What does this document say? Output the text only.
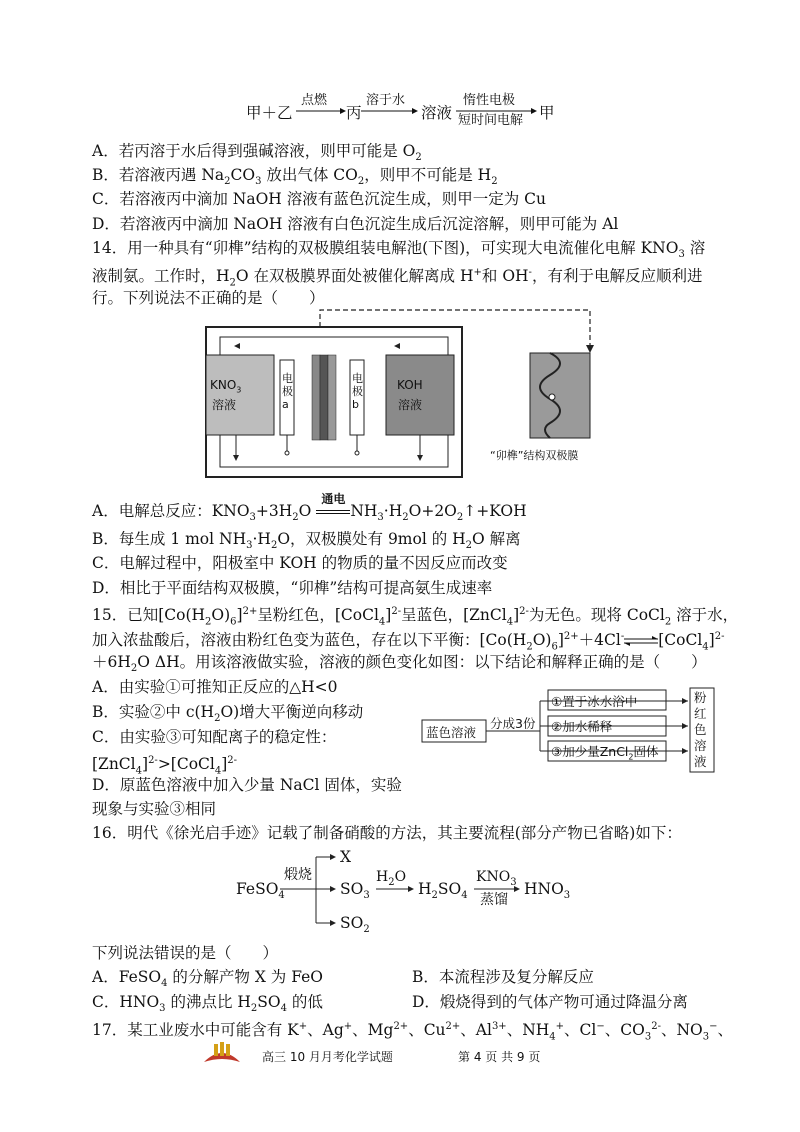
甲＋乙
点燃
丙
溶于水
溶液
惰性电极
短时间电解 甲
A．若丙溶于水后得到强碱溶液，则甲可能是 $O_2$
B．若溶液丙遇 $Na_2CO_3$ 放出气体 $CO_2$，则甲不可能是 $H_2$
C．若溶液丙中滴加 NaOH 溶液有蓝色沉淀生成，则甲一定为 Cu
D．若溶液丙中滴加 NaOH 溶液有白色沉淀生成后沉淀溶解，则甲可能为 Al
14．用一种具有“卯榫”结构的双极膜组装电解池(下图)，可实现大电流催化电解 $KNO_3$ 溶
液制氨。工作时，$H_2O$ 在双极膜界面处被催化解离成 H+和 OH-，有利于电解反应顺利进
行。下列说法不正确的是（　　）
$KNO_3$
溶液
电极a
电极b
KOH
溶液
“卯榫”结构双极膜
A．电解总反应：$KNO_3+3H_2O$
通电
$NH_3\cdot H_2O+2O_2↑+KOH$
B．每生成 1 mol $NH_3\cdot H_2O$，双极膜处有 9mol 的 $H_2O$ 解离
C．电解过程中，阳极室中 KOH 的物质的量不因反应而改变
D．相比于平面结构双极膜，“卯榫”结构可提高氨生成速率
15．已知$[Co(H_2O)_6]^{2+}$呈粉红色，[CoCl$_4$]$^{2-}$呈蓝色，[ZnCl$_4$]$^{2-}$为无色。现将 CoCl$_2$ 溶于水，
加入浓盐酸后，溶液由粉红色变为蓝色，存在以下平衡：$[Co(H_2O)_6]^{2+}+4Cl^-$ [CoCl$_4$]$^{2-}$
$+6H_2O$ ΔH。用该溶液做实验，溶液的颜色变化如图：以下结论和解释正确的是（　　）
A．由实验①可推知正反应的△H<0
B．实验②中 $c(H_2O)$增大平衡逆向移动
C．由实验③可知配离子的稳定性：
[ZnCl$_4$]$^{2-}$>[CoCl$_4$]$^{2-}$
D．原蓝色溶液中加入少量 NaCl 固体，实验
现象与实验③相同
蓝色溶液
分成3份
①置于冰水浴中
②加水稀释
③加少量ZnCl$_2$固体
粉红色溶液
16．明代《徐光启手迹》记载了制备硝酸的方法，其主要流程(部分产物已省略)如下：
FeSO$_4$
煅烧
X
$SO_3$
$H_2O$
$H_2SO_4$
$KNO_3$
蒸馏
$HNO_3$
$SO_2$
下列说法错误的是（　　）
A．FeSO$_4$ 的分解产物 X 为 FeO	B．本流程涉及复分解反应
C．$HNO_3$ 的沸点比 $H_2SO_4$ 的低	D．煅烧得到的气体产物可通过降温分离
17．某工业废水中可能含有 K+、Ag+、$Mg^{2+}$、$Cu^{2+}$、$Al^{3+}$、$NH_4^+$、Cl−、$CO_3^{2-}$、$NO_3^-$、
高三 10 月月考化学试题	第 4 页 共 9 页
